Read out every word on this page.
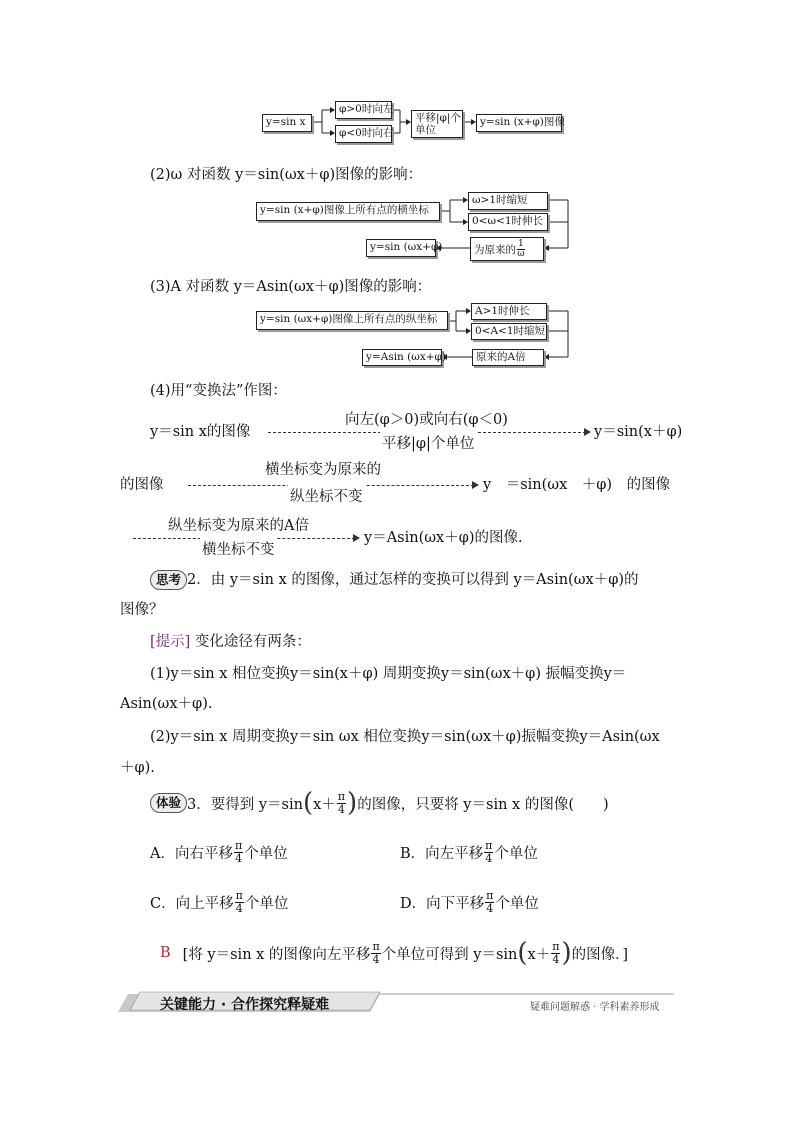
y=sin x
φ>0时向左
φ<0时向右
平移|φ|个
单位
y=sin (x+φ)图像
(2)ω 对函数 y＝sin(ωx＋φ)图像的影响：
y=sin (x+φ)图像上所有点的横坐标
ω>1时缩短
0<ω<1时伸长
为原来的 $\frac{1}{\omega}$
y=sin (ωx+φ)
(3)A 对函数 y＝Asin(ωx＋φ)图像的影响：
y=sin (ωx+φ)图像上所有点的纵坐标
A>1时伸长
0<A<1时缩短
原来的A倍
y=Asin (ωx+φ)
(4)用“变换法”作图：
y＝sin x的图像
向左(φ＞0)或向右(φ＜0)
平移|φ|个单位
y＝sin(x＋φ)
的图像
横坐标变为原来的
纵坐标不变
y　＝sin(ωx　＋φ)　的图像
纵坐标变为原来的A倍
横坐标不变
y＝Asin(ωx＋φ)的图像.
思考 2．由 y＝sin x 的图像，通过怎样的变换可以得到 y＝Asin(ωx＋φ)的
图像？
[提示] 变化途径有两条：
(1)y＝sin x 相位变换y＝sin(x＋φ) 周期变换y＝sin(ωx＋φ) 振幅变换y＝
Asin(ωx＋φ).
(2)y＝sin x 周期变换y＝sin ωx 相位变换y＝sin(ωx＋φ)振幅变换y＝Asin(ωx
＋φ).
体验 3．要得到 y＝sin ( x＋
π
4 ) 的图像，只要将 y＝sin x 的图像(　　)
A．向右平移
π
4 个单位	B．向左平移
π
4 个单位
C．向上平移
π
4 个单位	D．向下平移
π
4 个单位
B [将 y＝sin x 的图像向左平移
π
4 个单位可得到 y＝sin ( x＋
π
4 ) 的图像．]
关键能力 · 合作探究释疑难	疑难问题解惑 · 学科素养形成
